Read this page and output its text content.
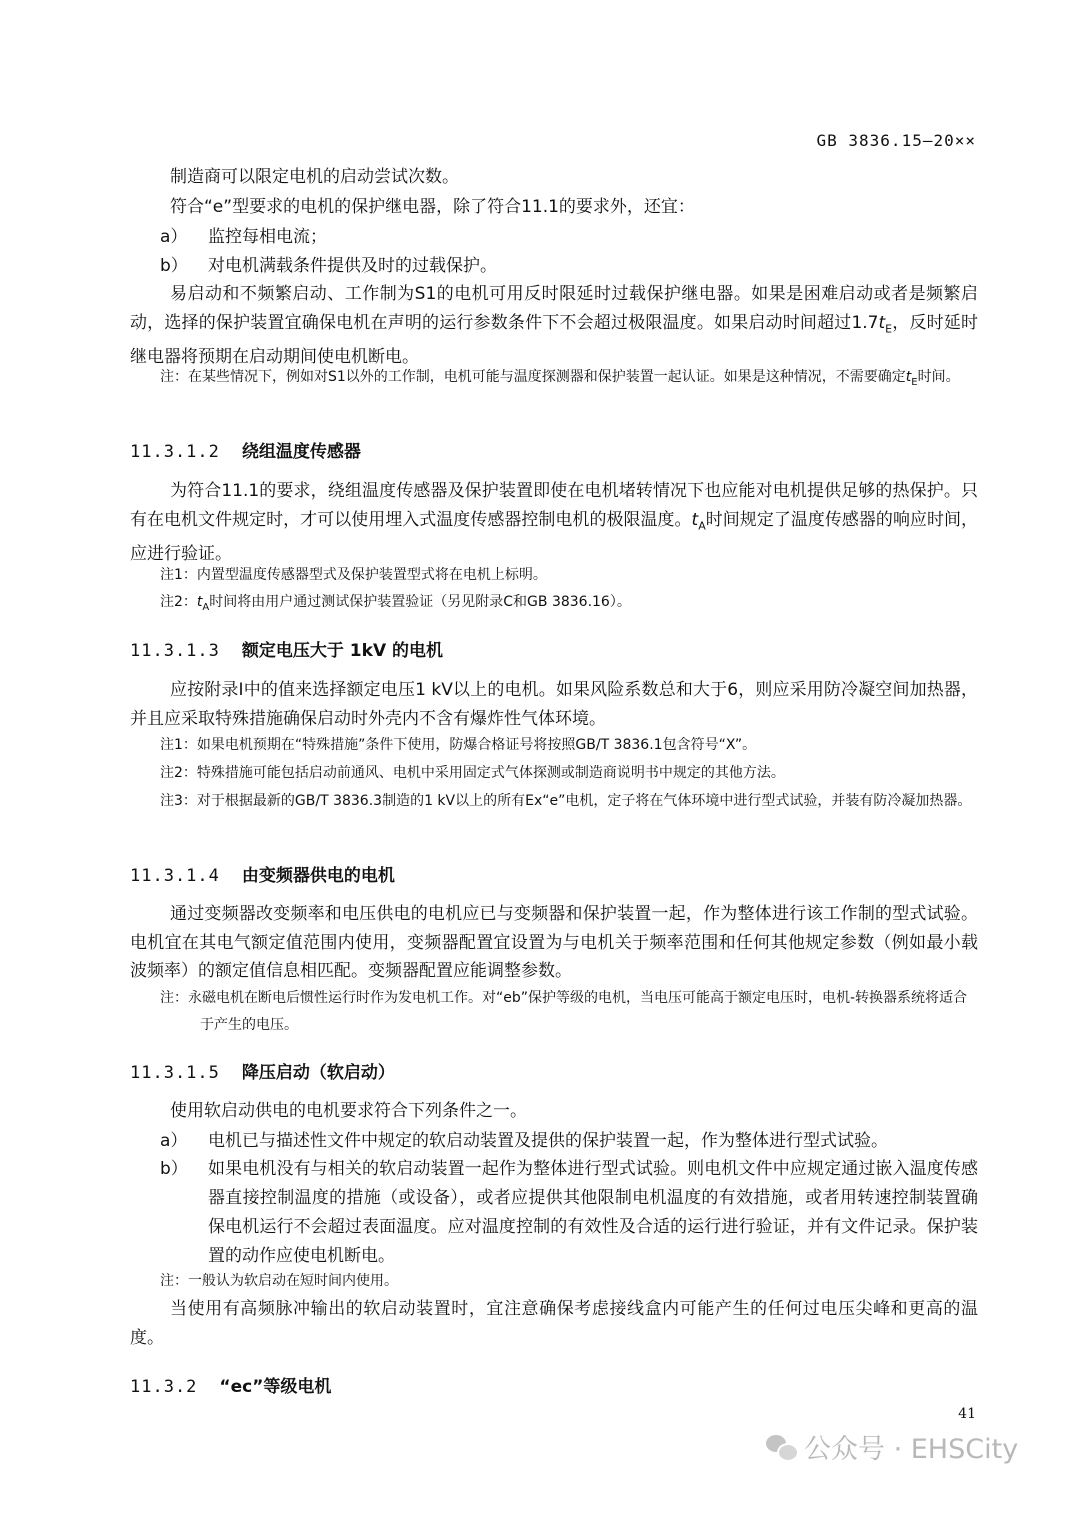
GB 3836.15—20××

制造商可以限定电机的启动尝试次数。

符合“e”型要求的电机的保护继电器，除了符合11.1的要求外，还宜：

a）	监控每相电流；
b）	对电机满载条件提供及时的过载保护。

易启动和不频繁启动、工作制为S1的电机可用反时限延时过载保护继电器。如果是困难启动或者是频繁启动，选择的保护装置宜确保电机在声明的运行参数条件下不会超过极限温度。如果启动时间超过$1.7t_E$，反时延时继电器将预期在启动期间使电机断电。

注：在某些情况下，例如对S1以外的工作制，电机可能与温度探测器和保护装置一起认证。如果是这种情况，不需要确定$t_E$时间。
11.3.1.2 绕组温度传感器

为符合11.1的要求，绕组温度传感器及保护装置即使在电机堵转情况下也应能对电机提供足够的热保护。只有在电机文件规定时，才可以使用埋入式温度传感器控制电机的极限温度。$t_A$时间规定了温度传感器的响应时间，应进行验证。

注1：内置型温度传感器型式及保护装置型式将在电机上标明。
注2：$t_A$时间将由用户通过测试保护装置验证（另见附录C和GB 3836.16）。
11.3.1.3 额定电压大于 1kV 的电机

应按附录I中的值来选择额定电压1 kV以上的电机。如果风险系数总和大于6，则应采用防冷凝空间加热器，并且应采取特殊措施确保启动时外壳内不含有爆炸性气体环境。

注1：如果电机预期在“特殊措施”条件下使用，防爆合格证号将按照GB/T 3836.1包含符号“X”。
注2：特殊措施可能包括启动前通风、电机中采用固定式气体探测或制造商说明书中规定的其他方法。
注3：对于根据最新的GB/T 3836.3制造的1 kV以上的所有Ex“e”电机，定子将在气体环境中进行型式试验，并装有防冷凝加热器。
11.3.1.4 由变频器供电的电机

通过变频器改变频率和电压供电的电机应已与变频器和保护装置一起，作为整体进行该工作制的型式试验。电机宜在其电气额定值范围内使用，变频器配置宜设置为与电机关于频率范围和任何其他规定参数（例如最小载波频率）的额定值信息相匹配。变频器配置应能调整参数。

注：永磁电机在断电后惯性运行时作为发电机工作。对“eb”保护等级的电机，当电压可能高于额定电压时，电机-转换器系统将适合于产生的电压。
11.3.1.5 降压启动（软启动）

使用软启动供电的电机要求符合下列条件之一。

a）	电机已与描述性文件中规定的软启动装置及提供的保护装置一起，作为整体进行型式试验。
b）	如果电机没有与相关的软启动装置一起作为整体进行型式试验。则电机文件中应规定通过嵌入温度传感器直接控制温度的措施（或设备），或者应提供其他限制电机温度的有效措施，或者用转速控制装置确保电机运行不会超过表面温度。应对温度控制的有效性及合适的运行进行验证，并有文件记录。保护装置的动作应使电机断电。
注：一般认为软启动在短时间内使用。

当使用有高频脉冲输出的软启动装置时，宜注意确保考虑接线盒内可能产生的任何过电压尖峰和更高的温度。

11.3.2 “ec”等级电机
41
公众号 · EHSCity
